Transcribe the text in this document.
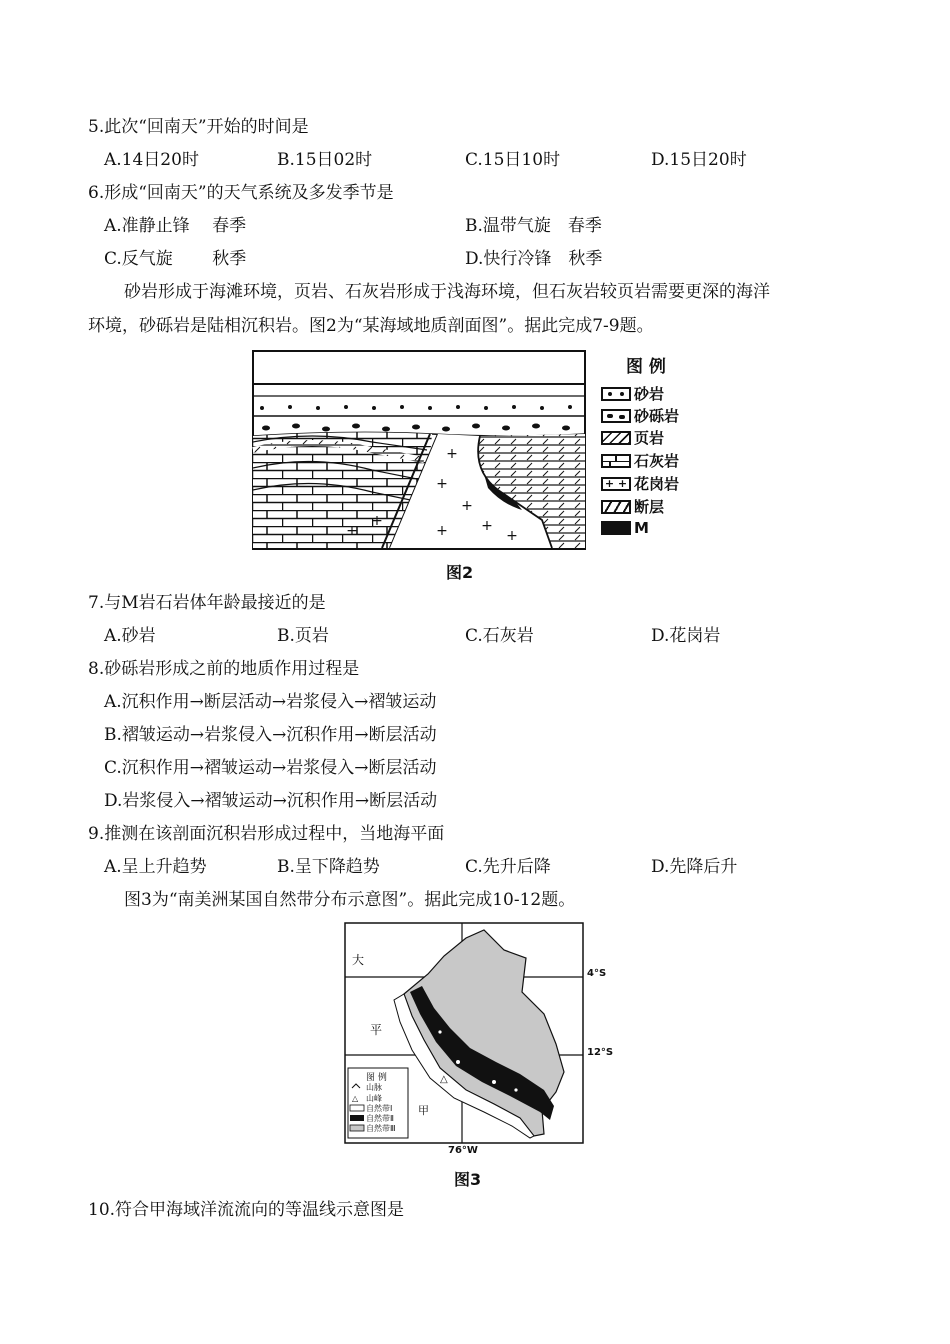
5.此次“回南天”开始的时间是
A.14日20时	B.15日02时	C.15日10时	D.15日20时
6.形成“回南天”的天气系统及多发季节是
A.准静止锋　 春季	B.温带气旋　春季
C.反气旋　　 秋季	D.快行冷锋　秋季
砂岩形成于海滩环境，页岩、石灰岩形成于浅海环境，但石灰岩较页岩需要更深的海洋
环境，砂砾岩是陆相沉积岩。图2为“某海域地质剖面图”。据此完成7-9题。
+
+
+
+	+
+
+
+
图 例
砂岩
砂砾岩
页岩
石灰岩
+ + 花岗岩
断层
M
图2
7.与M岩石岩体年龄最接近的是
A.砂岩	B.页岩	C.石灰岩	D.花岗岩
8.砂砾岩形成之前的地质作用过程是
A.沉积作用→断层活动→岩浆侵入→褶皱运动
B.褶皱运动→岩浆侵入→沉积作用→断层活动
C.沉积作用→褶皱运动→岩浆侵入→断层活动
D.岩浆侵入→褶皱运动→沉积作用→断层活动
9.推测在该剖面沉积岩形成过程中，当地海平面
A.呈上升趋势	B.呈下降趋势	C.先升后降	D.先降后升
图3为“南美洲某国自然带分布示意图”。据此完成10-12题。
大
平
甲
△
图 例
山脉
△ 山峰
自然带Ⅰ
自然带Ⅱ
自然带Ⅲ
4°S
12°S
76°W
图3
10.符合甲海域洋流流向的等温线示意图是
